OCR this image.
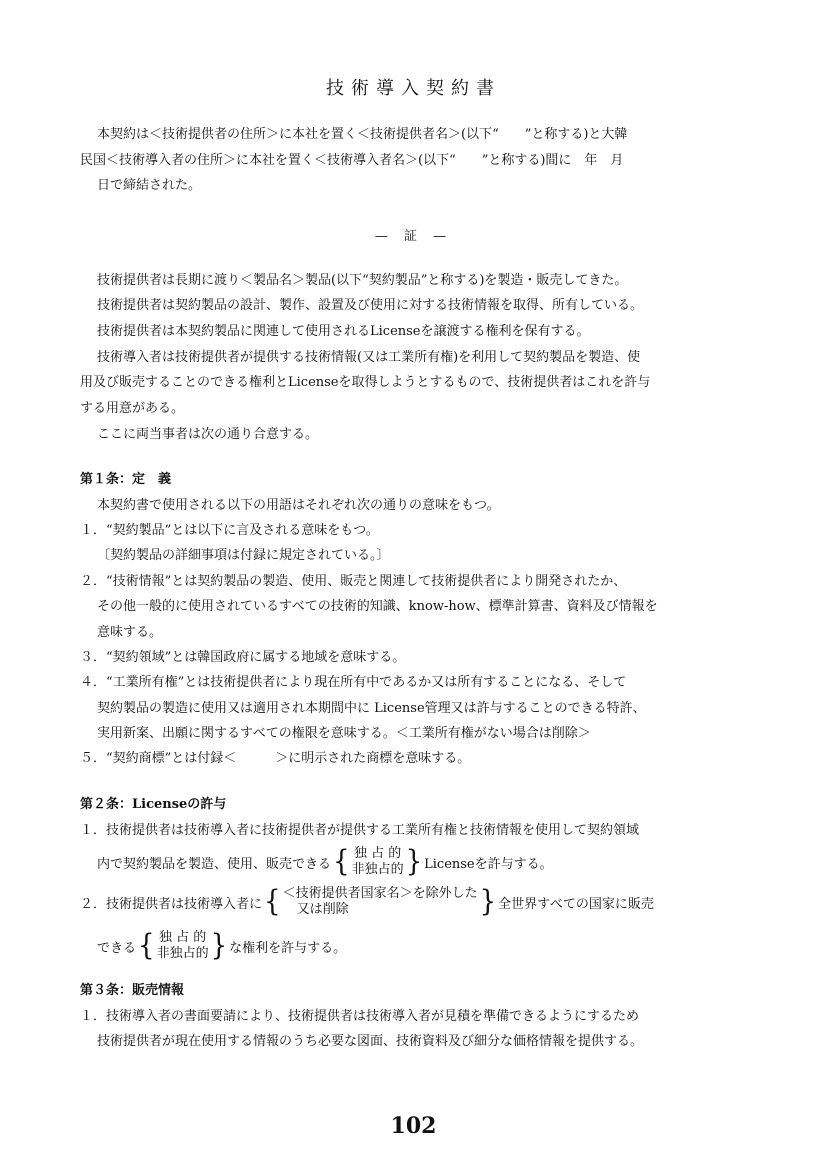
技術導入契約書
本契約は＜技術提供者の住所＞に本社を置く＜技術提供者名＞(以下“　　”と称する)と大韓
民国＜技術導入者の住所＞に本社を置く＜技術導入者名＞(以下“　　”と称する)間に　年　月
日で締結された。
— 証 —
技術提供者は長期に渡り＜製品名＞製品(以下“契約製品”と称する)を製造・販売してきた。
技術提供者は契約製品の設計、製作、設置及び使用に対する技術情報を取得、所有している。
技術提供者は本契約製品に関連して使用されるLicenseを譲渡する権利を保有する。
技術導入者は技術提供者が提供する技術情報(又は工業所有権)を利用して契約製品を製造、使
用及び販売することのできる権利とLicenseを取得しようとするもので、技術提供者はこれを許与
する用意がある。
ここに両当事者は次の通り合意する。
第１条：定　義
本契約書で使用される以下の用語はそれぞれ次の通りの意味をもつ。
１．“契約製品”とは以下に言及される意味をもつ。
〔契約製品の詳細事項は付録に規定されている。〕
２．“技術情報”とは契約製品の製造、使用、販売と関連して技術提供者により開発されたか、
その他一般的に使用されているすべての技術的知識、know-how、標準計算書、資料及び情報を
意味する。
３．“契約領域”とは韓国政府に属する地域を意味する。
４．“工業所有権”とは技術提供者により現在所有中であるか又は所有することになる、そして
契約製品の製造に使用又は適用され本期間中に License管理又は許与することのできる特許、
実用新案、出願に関するすべての権限を意味する。＜工業所有権がない場合は削除＞
５．“契約商標”とは付録＜　　　＞に明示された商標を意味する。
第２条：Licenseの許与
１．技術提供者は技術導入者に技術提供者が提供する工業所有権と技術情報を使用して契約領域
内で契約製品を製造、使用、販売できる { 独 占 的
非独占的 } Licenseを許与する。
２．技術提供者は技術導入者に { ＜技術提供者国家名＞を除外した
又は削除	} 全世界すべての国家に販売
できる { 独 占 的
非独占的 } な権利を許与する。
第３条：販売情報
１．技術導入者の書面要請により、技術提供者は技術導入者が見積を準備できるようにするため
技術提供者が現在使用する情報のうち必要な図面、技術資料及び細分な価格情報を提供する。
102
